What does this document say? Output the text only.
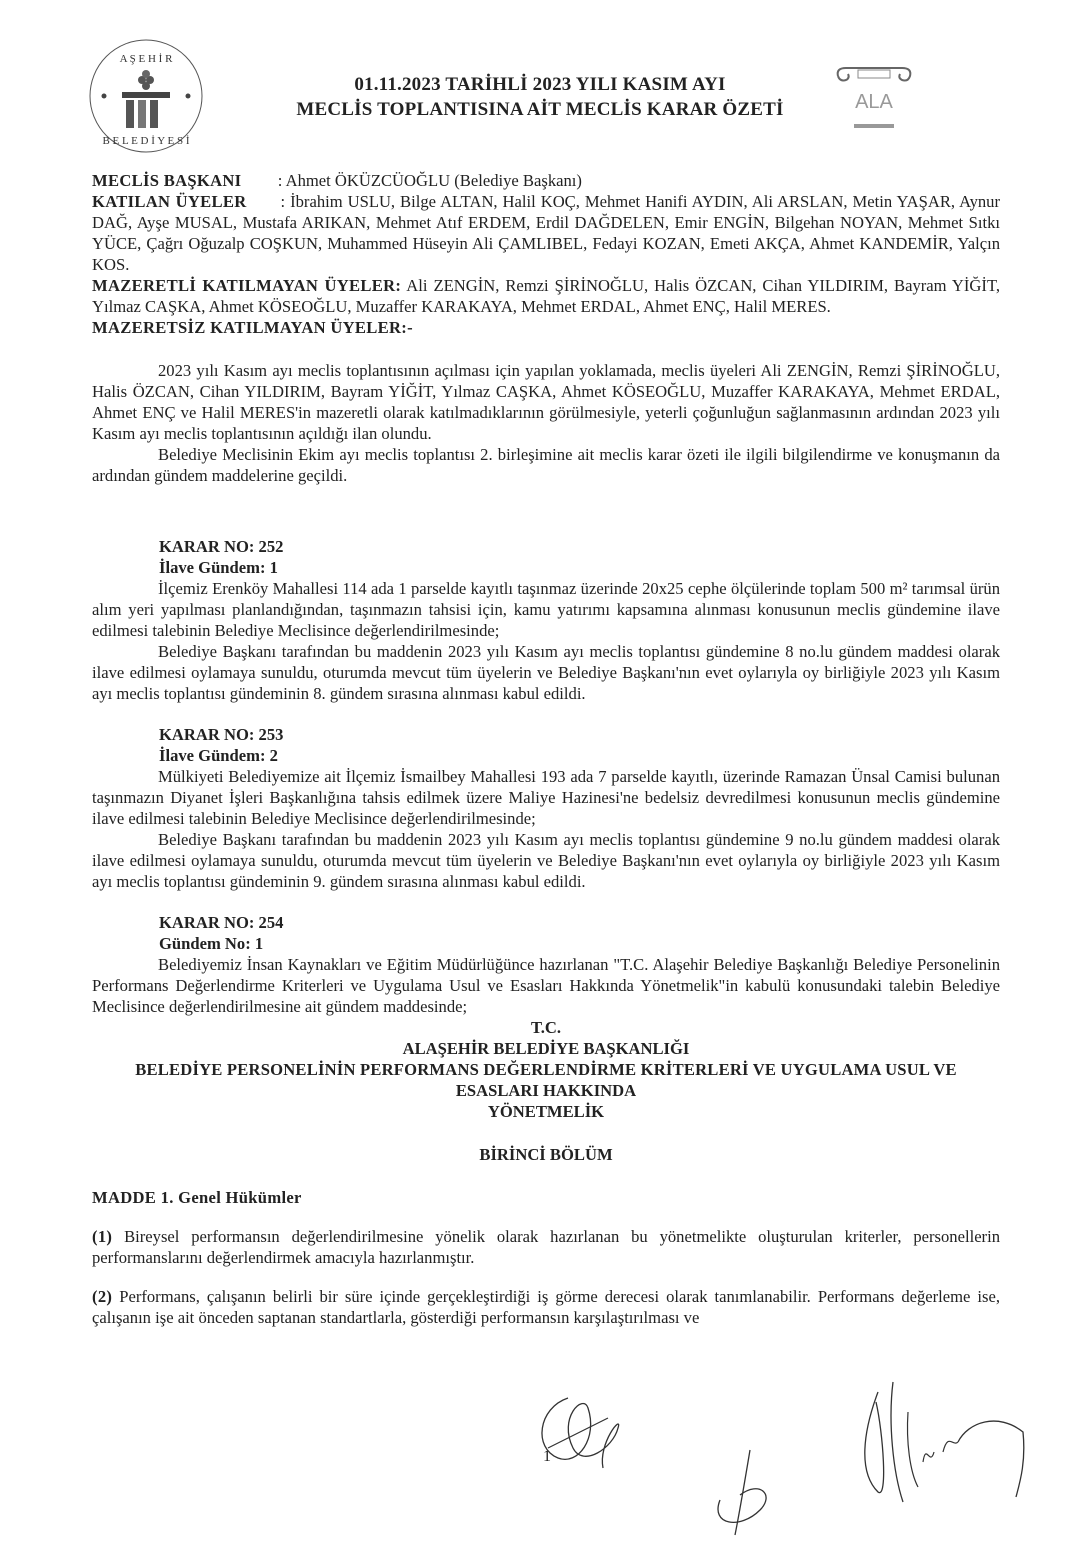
A Ş E H İ R
B E L E D İ Y E S İ
ALA
01.11.2023 TARİHLİ 2023 YILI KASIM AYI
MECLİS TOPLANTISINA AİT MECLİS KARAR ÖZETİ

MECLİS BAŞKANI : Ahmet ÖKÜZCÜOĞLU (Belediye Başkanı)

KATILAN ÜYELER : İbrahim USLU, Bilge ALTAN, Halil KOÇ, Mehmet Hanifi AYDIN, Ali ARSLAN, Metin YAŞAR, Aynur DAĞ, Ayşe MUSAL, Mustafa ARIKAN, Mehmet Atıf ERDEM, Erdil DAĞDELEN, Emir ENGİN, Bilgehan NOYAN, Mehmet Sıtkı YÜCE, Çağrı Oğuzalp COŞKUN, Muhammed Hüseyin Ali ÇAMLIBEL, Fedayi KOZAN, Emeti AKÇA, Ahmet KANDEMİR, Yalçın KOS.

MAZERETLİ KATILMAYAN ÜYELER: Ali ZENGİN, Remzi ŞİRİNOĞLU, Halis ÖZCAN, Cihan YILDIRIM, Bayram YİĞİT, Yılmaz CAŞKA, Ahmet KÖSEOĞLU, Muzaffer KARAKAYA, Mehmet ERDAL, Ahmet ENÇ, Halil MERES.

MAZERETSİZ KATILMAYAN ÜYELER:-

2023 yılı Kasım ayı meclis toplantısının açılması için yapılan yoklamada, meclis üyeleri Ali ZENGİN, Remzi ŞİRİNOĞLU, Halis ÖZCAN, Cihan YILDIRIM, Bayram YİĞİT, Yılmaz CAŞKA, Ahmet KÖSEOĞLU, Muzaffer KARAKAYA, Mehmet ERDAL, Ahmet ENÇ ve Halil MERES'in mazeretli olarak katılmadıklarının görülmesiyle, yeterli çoğunluğun sağlanmasının ardından 2023 yılı Kasım ayı meclis toplantısının açıldığı ilan olundu.

Belediye Meclisinin Ekim ayı meclis toplantısı 2. birleşimine ait meclis karar özeti ile ilgili bilgilendirme ve konuşmanın da ardından gündem maddelerine geçildi.

KARAR NO: 252

İlave Gündem: 1

İlçemiz Erenköy Mahallesi 114 ada 1 parselde kayıtlı taşınmaz üzerinde 20x25 cephe ölçülerinde toplam 500 m² tarımsal ürün alım yeri yapılması planlandığından, taşınmazın tahsisi için, kamu yatırımı kapsamına alınması konusunun meclis gündemine ilave edilmesi talebinin Belediye Meclisince değerlendirilmesinde;

Belediye Başkanı tarafından bu maddenin 2023 yılı Kasım ayı meclis toplantısı gündemine 8 no.lu gündem maddesi olarak ilave edilmesi oylamaya sunuldu, oturumda mevcut tüm üyelerin ve Belediye Başkanı'nın evet oylarıyla oy birliğiyle 2023 yılı Kasım ayı meclis toplantısı gündeminin 8. gündem sırasına alınması kabul edildi.

KARAR NO: 253

İlave Gündem: 2

Mülkiyeti Belediyemize ait İlçemiz İsmailbey Mahallesi 193 ada 7 parselde kayıtlı, üzerinde Ramazan Ünsal Camisi bulunan taşınmazın Diyanet İşleri Başkanlığına tahsis edilmek üzere Maliye Hazinesi'ne bedelsiz devredilmesi konusunun meclis gündemine ilave edilmesi talebinin Belediye Meclisince değerlendirilmesinde;

Belediye Başkanı tarafından bu maddenin 2023 yılı Kasım ayı meclis toplantısı gündemine 9 no.lu gündem maddesi olarak ilave edilmesi oylamaya sunuldu, oturumda mevcut tüm üyelerin ve Belediye Başkanı'nın evet oylarıyla oy birliğiyle 2023 yılı Kasım ayı meclis toplantısı gündeminin 9. gündem sırasına alınması kabul edildi.

KARAR NO: 254

Gündem No: 1

Belediyemiz İnsan Kaynakları ve Eğitim Müdürlüğünce hazırlanan "T.C. Alaşehir Belediye Başkanlığı Belediye Personelinin Performans Değerlendirme Kriterleri ve Uygulama Usul ve Esasları Hakkında Yönetmelik"in kabulü konusundaki talebin Belediye Meclisince değerlendirilmesine ait gündem maddesinde;

T.C.

ALAŞEHİR BELEDİYE BAŞKANLIĞI

BELEDİYE PERSONELİNİN PERFORMANS DEĞERLENDİRME KRİTERLERİ VE UYGULAMA USUL VE

ESASLARI HAKKINDA

YÖNETMELİK

BİRİNCİ BÖLÜM

MADDE 1. Genel Hükümler

(1) Bireysel performansın değerlendirilmesine yönelik olarak hazırlanan bu yönetmelikte oluşturulan kriterler, personellerin performanslarını değerlendirmek amacıyla hazırlanmıştır.

(2) Performans, çalışanın belirli bir süre içinde gerçekleştirdiği iş görme derecesi olarak tanımlanabilir. Performans değerleme ise, çalışanın işe ait önceden saptanan standartlarla, gösterdiği performansın karşılaştırılması ve

1
